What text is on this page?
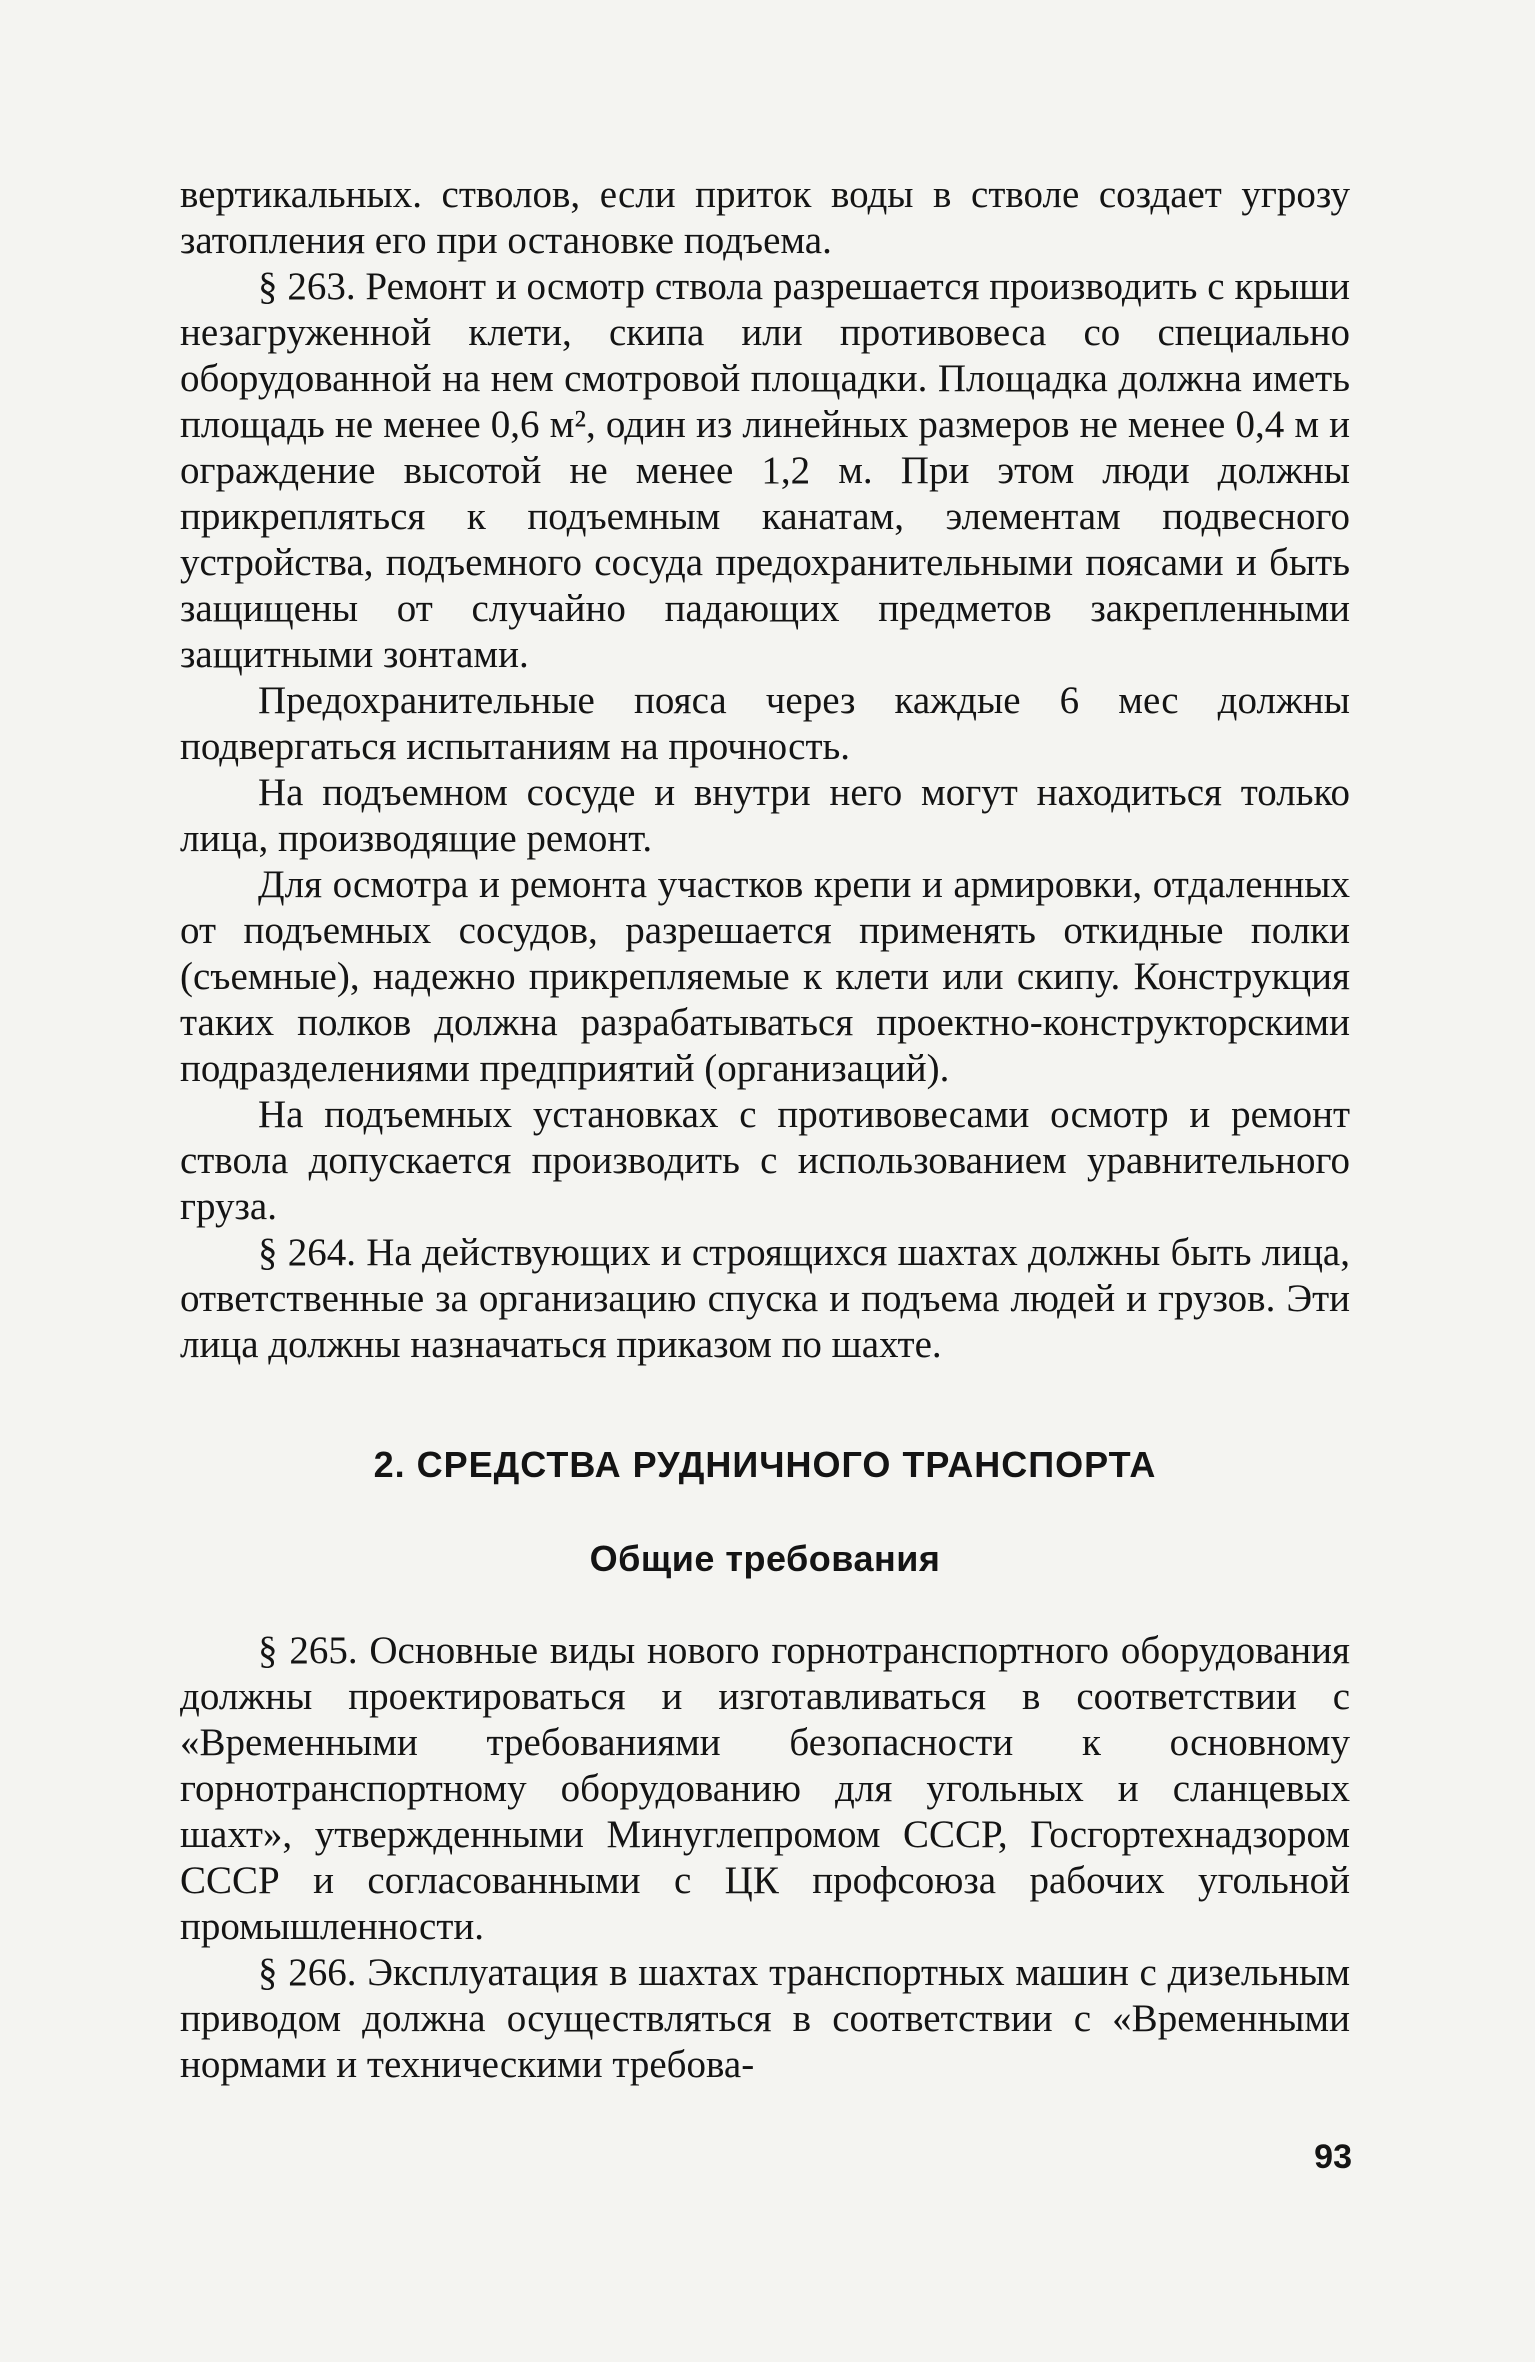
вертикальных. стволов, если приток воды в стволе создает угрозу затопления его при остановке подъема.

§ 263. Ремонт и осмотр ствола разрешается производить с крыши незагруженной клети, скипа или противовеса со специально оборудованной на нем смотровой площадки. Площадка должна иметь площадь не менее 0,6 м², один из линейных размеров не менее 0,4 м и ограждение высотой не менее 1,2 м. При этом люди должны прикрепляться к подъемным канатам, элементам подвесного устройства, подъемного сосуда предохранительными поясами и быть защищены от случайно падающих предметов закрепленными защитными зонтами.

Предохранительные пояса через каждые 6 мес должны подвергаться испытаниям на прочность.

На подъемном сосуде и внутри него могут находиться только лица, производящие ремонт.

Для осмотра и ремонта участков крепи и армировки, отдаленных от подъемных сосудов, разрешается применять откидные полки (съемные), надежно прикрепляемые к клети или скипу. Конструкция таких полков должна разрабатываться проектно-конструкторскими подразделениями предприятий (организаций).

На подъемных установках с противовесами осмотр и ремонт ствола допускается производить с использованием уравнительного груза.

§ 264. На действующих и строящихся шахтах должны быть лица, ответственные за организацию спуска и подъема людей и грузов. Эти лица должны назначаться приказом по шахте.

2. СРЕДСТВА РУДНИЧНОГО ТРАНСПОРТА
Общие требования

§ 265. Основные виды нового горнотранспортного оборудования должны проектироваться и изготавливаться в соответствии с «Временными требованиями безопасности к основному горнотранспортному оборудованию для угольных и сланцевых шахт», утвержденными Минуглепромом СССР, Госгортехнадзором СССР и согласованными с ЦК профсоюза рабочих угольной промышленности.

§ 266. Эксплуатация в шахтах транспортных машин с дизельным приводом должна осуществляться в соответствии с «Временными нормами и техническими требова-

93
